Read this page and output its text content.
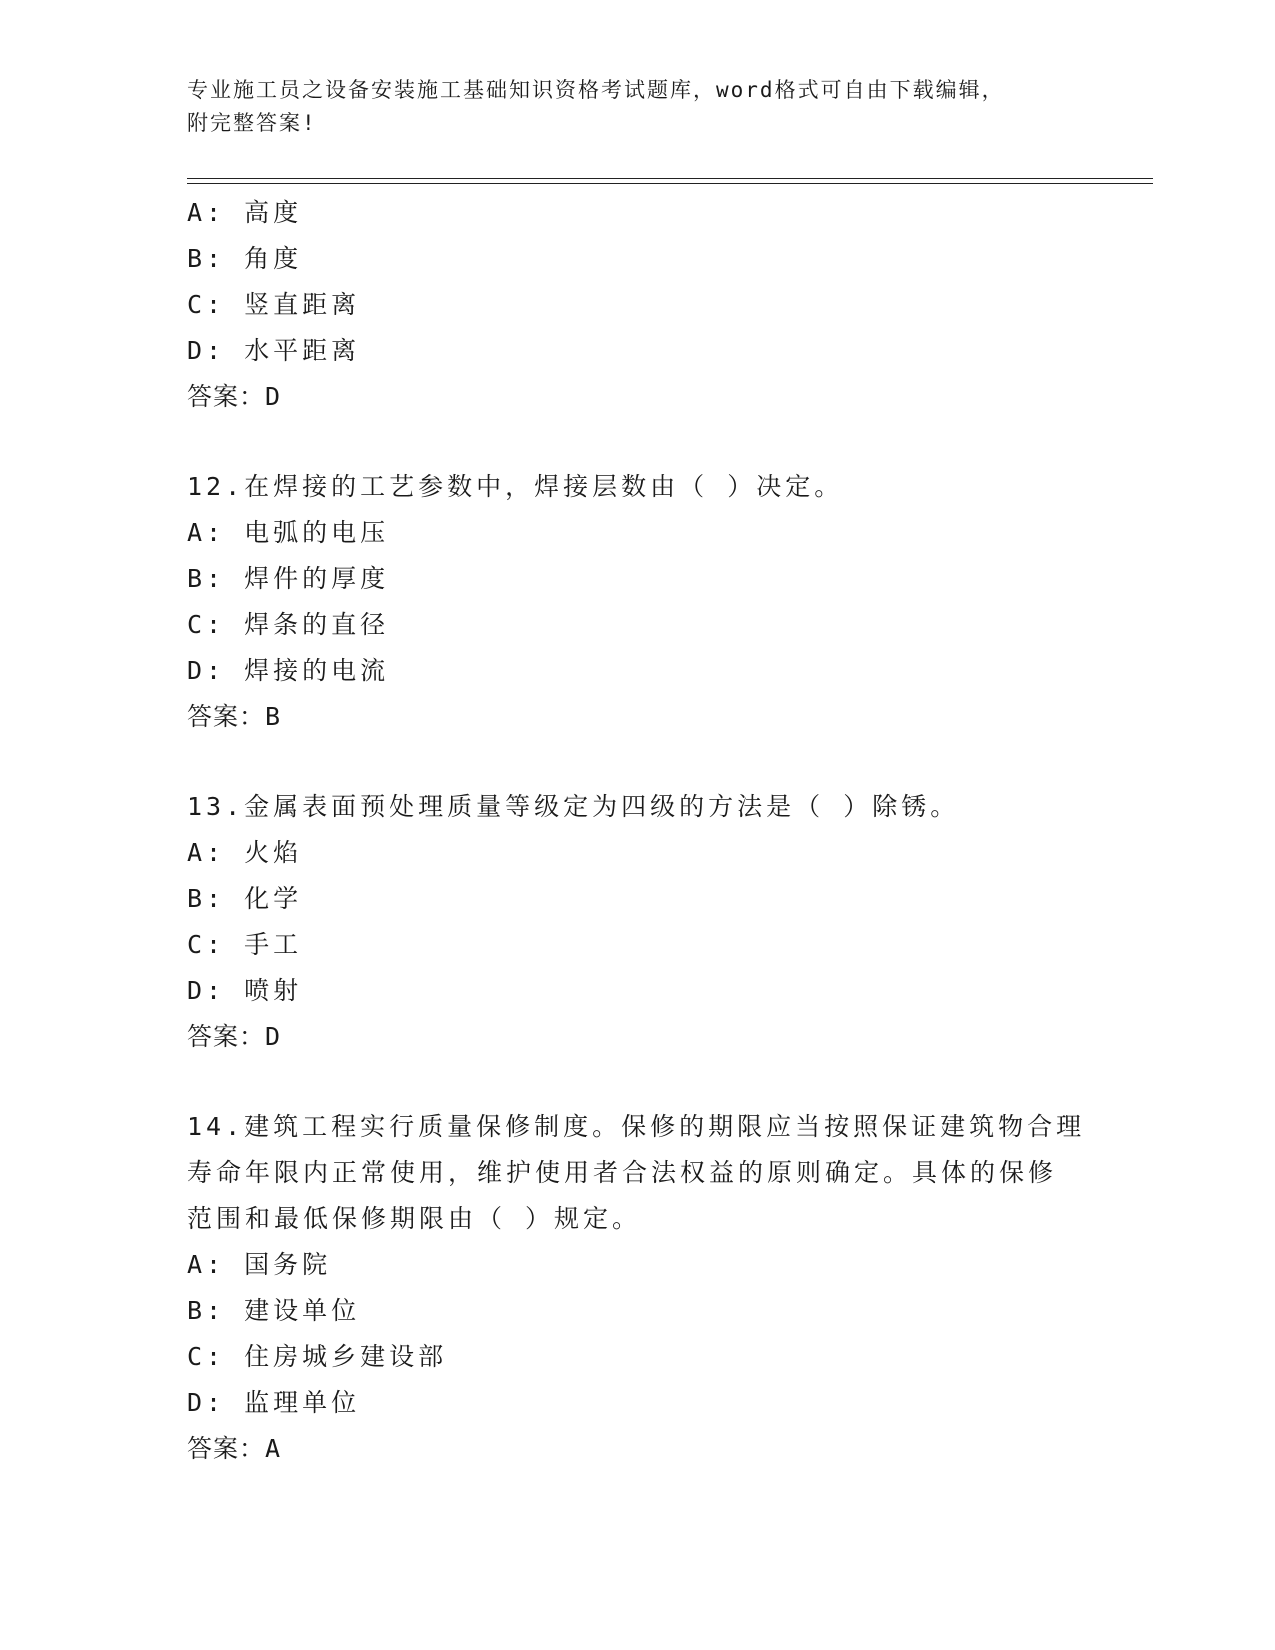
专业施工员之设备安装施工基础知识资格考试题库，word格式可自由下载编辑，
附完整答案!
A: 高度
B: 角度
C: 竖直距离
D: 水平距离
答案：D
12.在焊接的工艺参数中，焊接层数由（ ）决定。
A: 电弧的电压
B: 焊件的厚度
C: 焊条的直径
D: 焊接的电流
答案：B
13.金属表面预处理质量等级定为四级的方法是（ ）除锈。
A: 火焰
B: 化学
C: 手工
D: 喷射
答案：D
14.建筑工程实行质量保修制度。保修的期限应当按照保证建筑物合理
寿命年限内正常使用，维护使用者合法权益的原则确定。具体的保修
范围和最低保修期限由（ ）规定。
A: 国务院
B: 建设单位
C: 住房城乡建设部
D: 监理单位
答案：A
